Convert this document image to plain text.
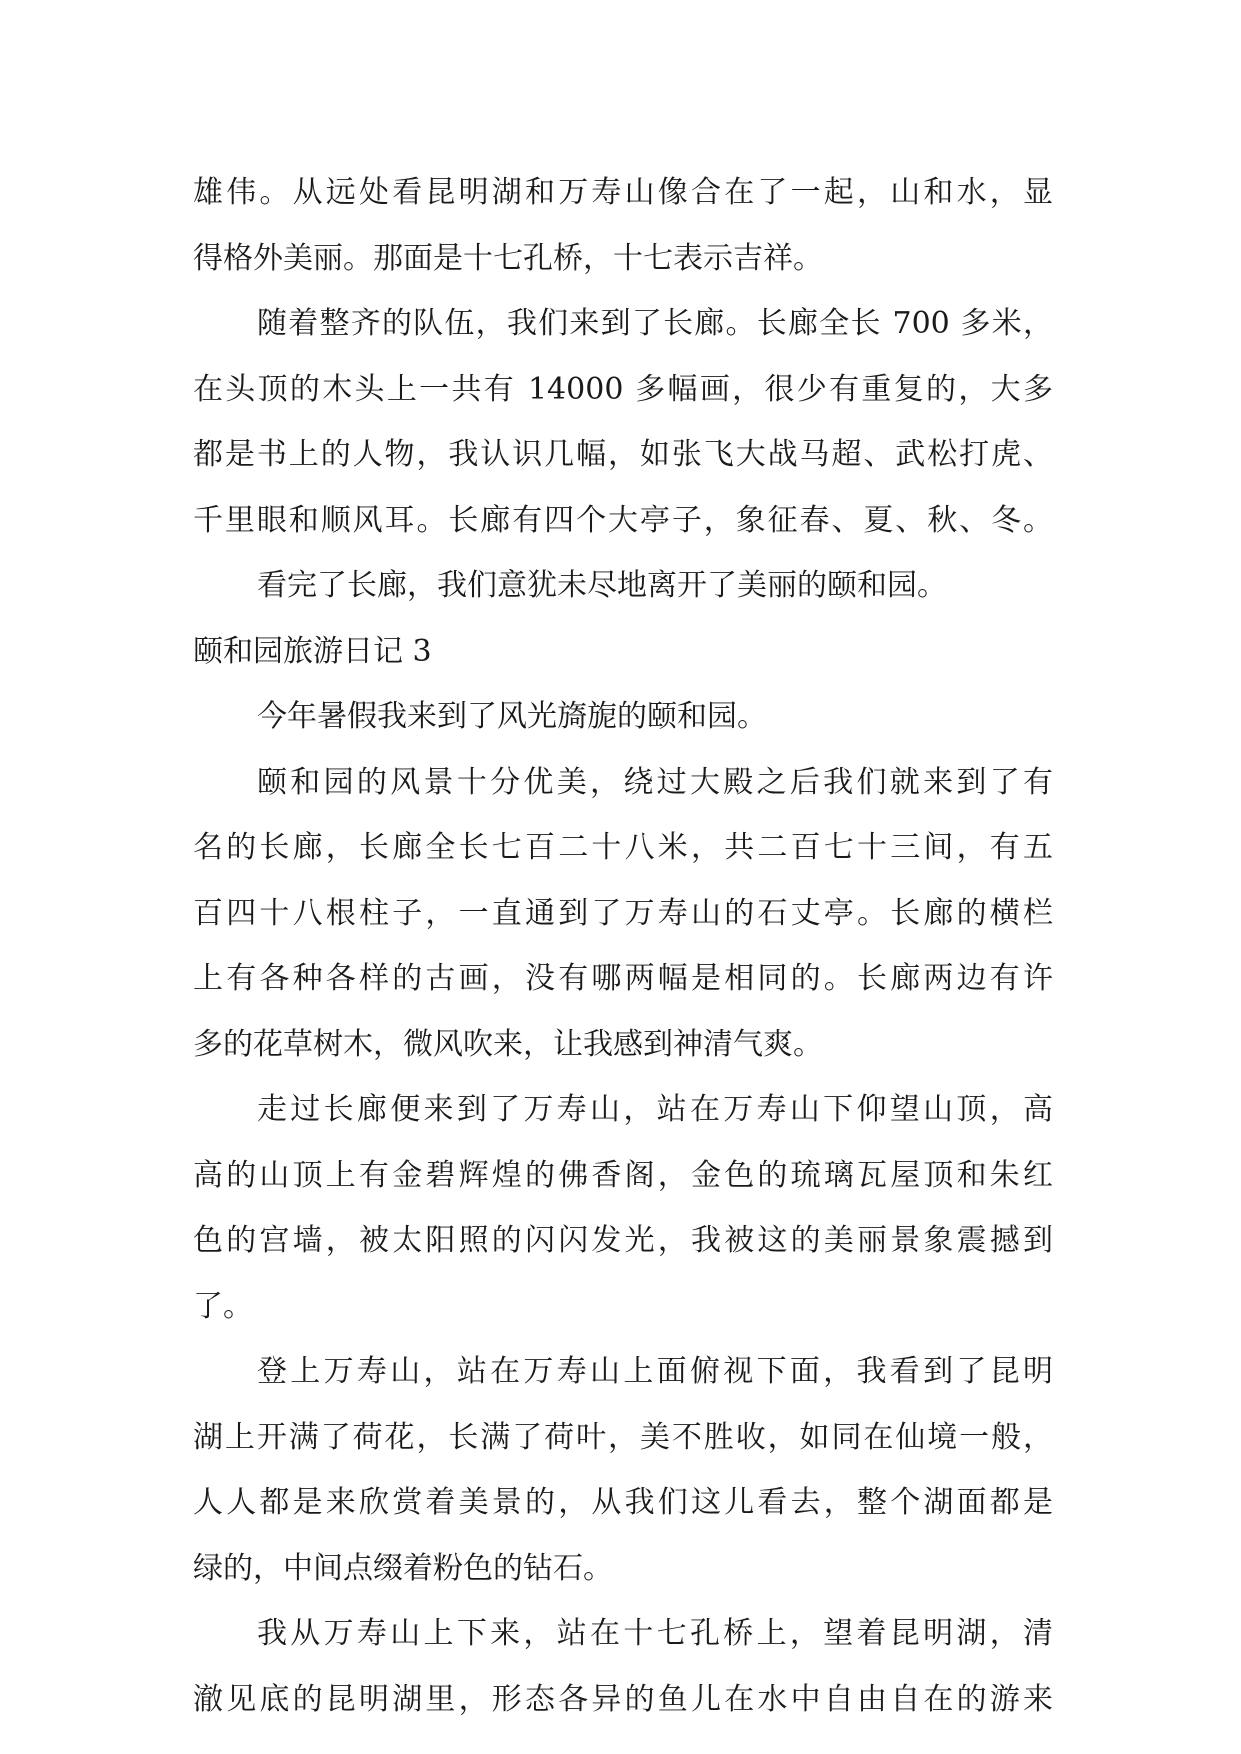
雄伟。从远处看昆明湖和万寿山像合在了一起，山和水，显
得格外美丽。那面是十七孔桥，十七表示吉祥。
随着整齐的队伍，我们来到了长廊。长廊全长 700 多米，
在头顶的木头上一共有 14000 多幅画，很少有重复的，大多
都是书上的人物，我认识几幅，如张飞大战马超、武松打虎、
千里眼和顺风耳。长廊有四个大亭子，象征春、夏、秋、冬。
看完了长廊，我们意犹未尽地离开了美丽的颐和园。
颐和园旅游日记 3
今年暑假我来到了风光旖旎的颐和园。
颐和园的风景十分优美，绕过大殿之后我们就来到了有
名的长廊，长廊全长七百二十八米，共二百七十三间，有五
百四十八根柱子，一直通到了万寿山的石丈亭。长廊的横栏
上有各种各样的古画，没有哪两幅是相同的。长廊两边有许
多的花草树木，微风吹来，让我感到神清气爽。
走过长廊便来到了万寿山，站在万寿山下仰望山顶，高
高的山顶上有金碧辉煌的佛香阁，金色的琉璃瓦屋顶和朱红
色的宫墙，被太阳照的闪闪发光，我被这的美丽景象震撼到
了。
登上万寿山，站在万寿山上面俯视下面，我看到了昆明
湖上开满了荷花，长满了荷叶，美不胜收，如同在仙境一般，
人人都是来欣赏着美景的，从我们这儿看去，整个湖面都是
绿的，中间点缀着粉色的钻石。
我从万寿山上下来，站在十七孔桥上，望着昆明湖，清
澈见底的昆明湖里，形态各异的鱼儿在水中自由自在的游来
